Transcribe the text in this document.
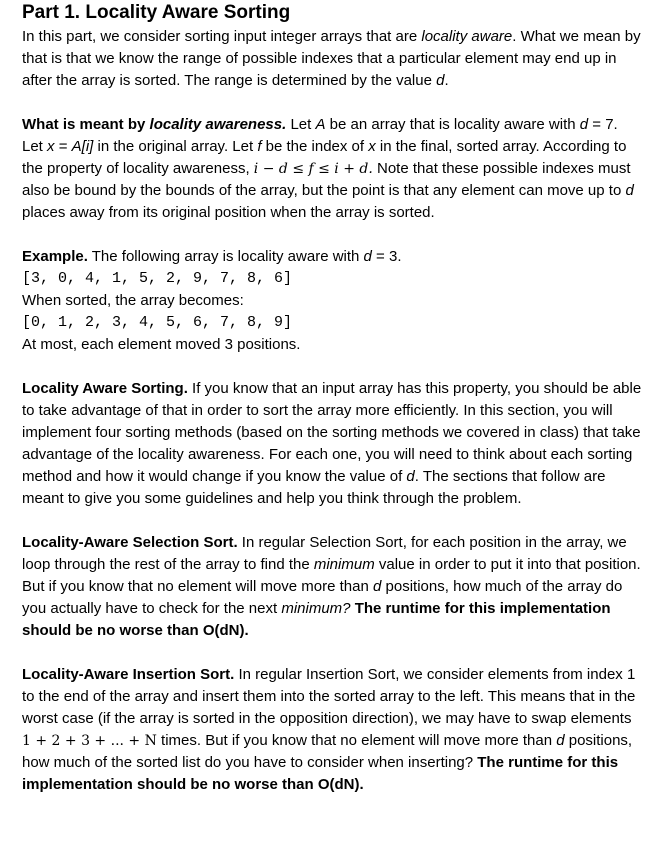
Part 1. Locality Aware Sorting

In this part, we consider sorting input integer arrays that are locality aware. What we mean by that is that we know the range of possible indexes that a particular element may end up in after the array is sorted. The range is determined by the value d.

What is meant by locality awareness. Let A be an array that is locality aware with d = 7. Let x = A[i] in the original array. Let f be the index of x in the final, sorted array. According to the property of locality awareness, i − d ≤ f ≤ i + d. Note that these possible indexes must also be bound by the bounds of the array, but the point is that any element can move up to d places away from its original position when the array is sorted.

Example. The following array is locality aware with d = 3.

[3, 0, 4, 1, 5, 2, 9, 7, 8, 6]

When sorted, the array becomes:

[0, 1, 2, 3, 4, 5, 6, 7, 8, 9]

At most, each element moved 3 positions.

Locality Aware Sorting. If you know that an input array has this property, you should be able to take advantage of that in order to sort the array more efficiently. In this section, you will implement four sorting methods (based on the sorting methods we covered in class) that take advantage of the locality awareness. For each one, you will need to think about each sorting method and how it would change if you know the value of d. The sections that follow are meant to give you some guidelines and help you think through the problem.

Locality-Aware Selection Sort. In regular Selection Sort, for each position in the array, we loop through the rest of the array to find the minimum value in order to put it into that position. But if you know that no element will move more than d positions, how much of the array do you actually have to check for the next minimum? The runtime for this implementation should be no worse than O(dN).

Locality-Aware Insertion Sort. In regular Insertion Sort, we consider elements from index 1 to the end of the array and insert them into the sorted array to the left. This means that in the worst case (if the array is sorted in the opposition direction), we may have to swap elements 1 + 2 + 3 + ... + N times. But if you know that no element will move more than d positions, how much of the sorted list do you have to consider when inserting? The runtime for this implementation should be no worse than O(dN).
